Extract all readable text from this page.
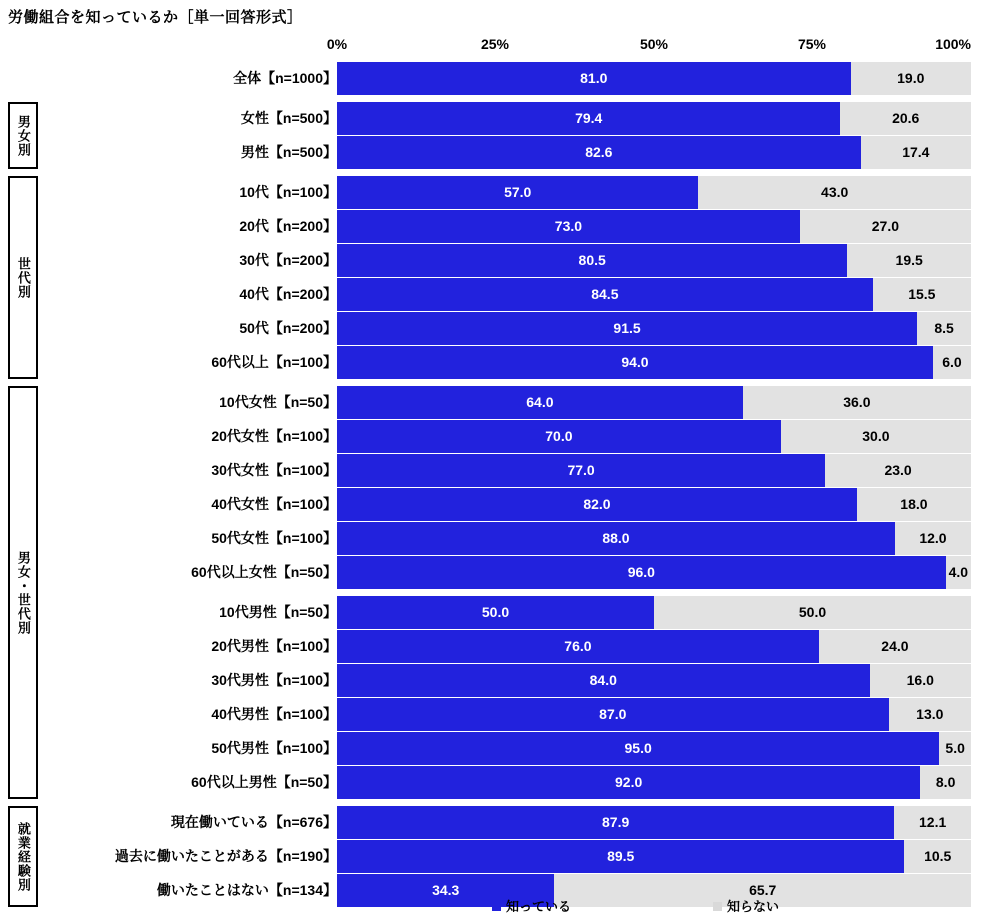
労働組合を知っているか［単一回答形式］
0%	25%	50%	75%	100%
男女別
世代別
男女・世代別
就業経験別
全体【n=1000】	81.0	19.0
女性【n=500】	79.4	20.6
男性【n=500】	82.6	17.4
10代【n=100】	57.0	43.0
20代【n=200】	73.0	27.0
30代【n=200】	80.5	19.5
40代【n=200】	84.5	15.5
50代【n=200】	91.5	8.5
60代以上【n=100】	94.0	6.0
10代女性【n=50】	64.0	36.0
20代女性【n=100】	70.0	30.0
30代女性【n=100】	77.0	23.0
40代女性【n=100】	82.0	18.0
50代女性【n=100】	88.0	12.0
60代以上女性【n=50】	96.0	4.0
10代男性【n=50】	50.0	50.0
20代男性【n=100】	76.0	24.0
30代男性【n=100】	84.0	16.0
40代男性【n=100】	87.0	13.0
50代男性【n=100】	95.0	5.0
60代以上男性【n=50】	92.0	8.0
現在働いている【n=676】	87.9	12.1
過去に働いたことがある【n=190】	89.5	10.5
働いたことはない【n=134】	34.3	65.7
知っている	知らない
